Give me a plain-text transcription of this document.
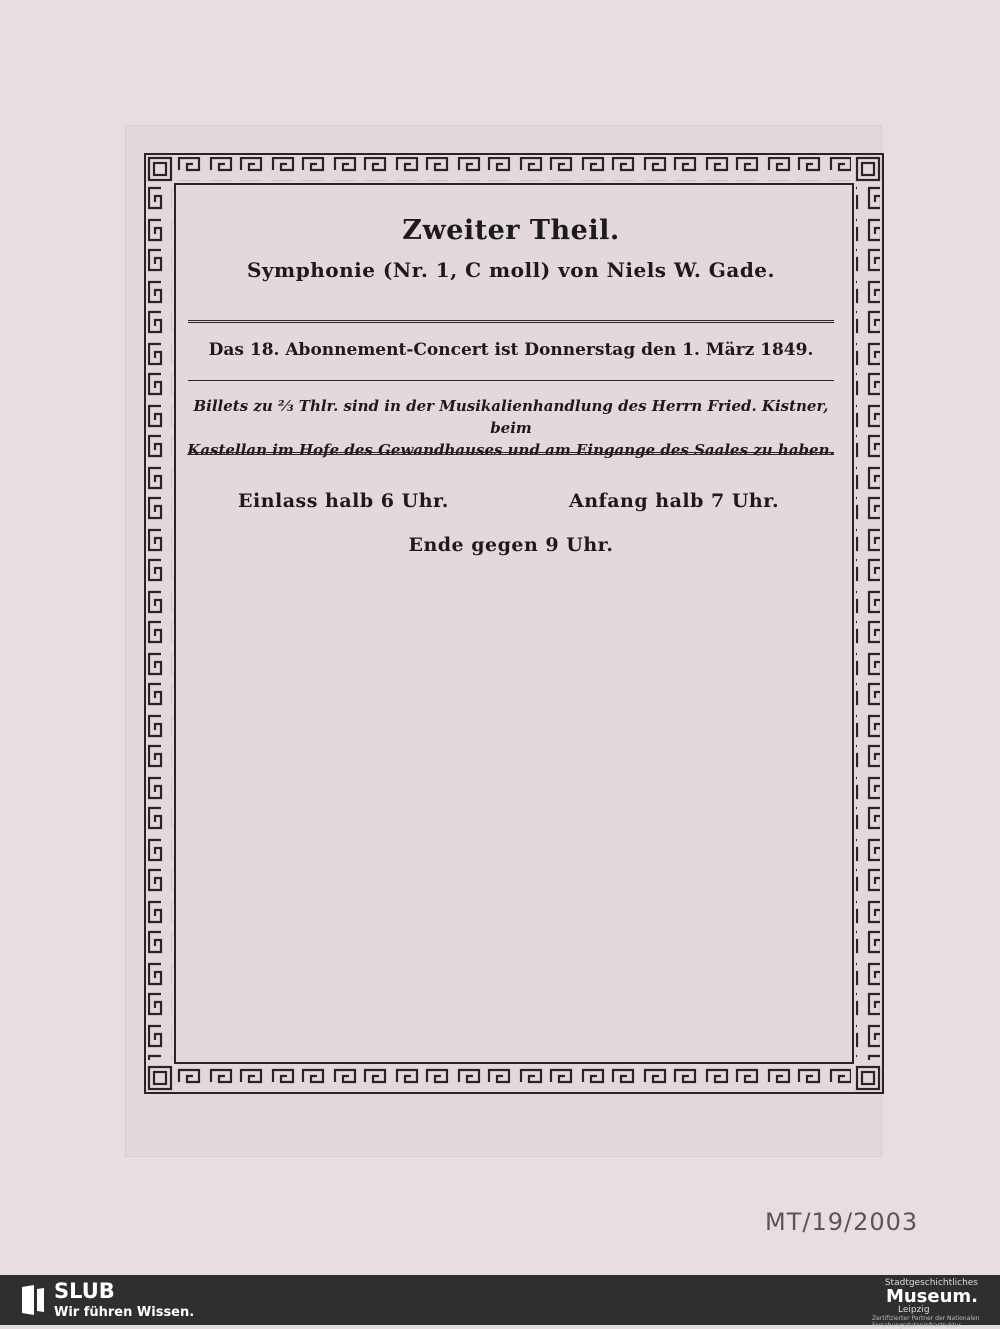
Zweiter Theil.
Symphonie (Nr. 1, C moll) von Niels W. Gade.
Das 18. Abonnement-Concert ist Donnerstag den 1. März 1849.
Billets zu ⅔ Thlr. sind in der Musikalienhandlung des Herrn Fried. Kistner, beim
Kastellan im Hofe des Gewandhauses und am Eingange des Saales zu haben.
Einlass halb 6 Uhr.	Anfang halb 7 Uhr.
Ende gegen 9 Uhr.
MT/19/2003
SLUB
Wir führen Wissen.
Stadtgeschichtliches
Museum.
Leipzig
Zertifizierter Partner der Nationalen Forschungsdateninfrastruktur
